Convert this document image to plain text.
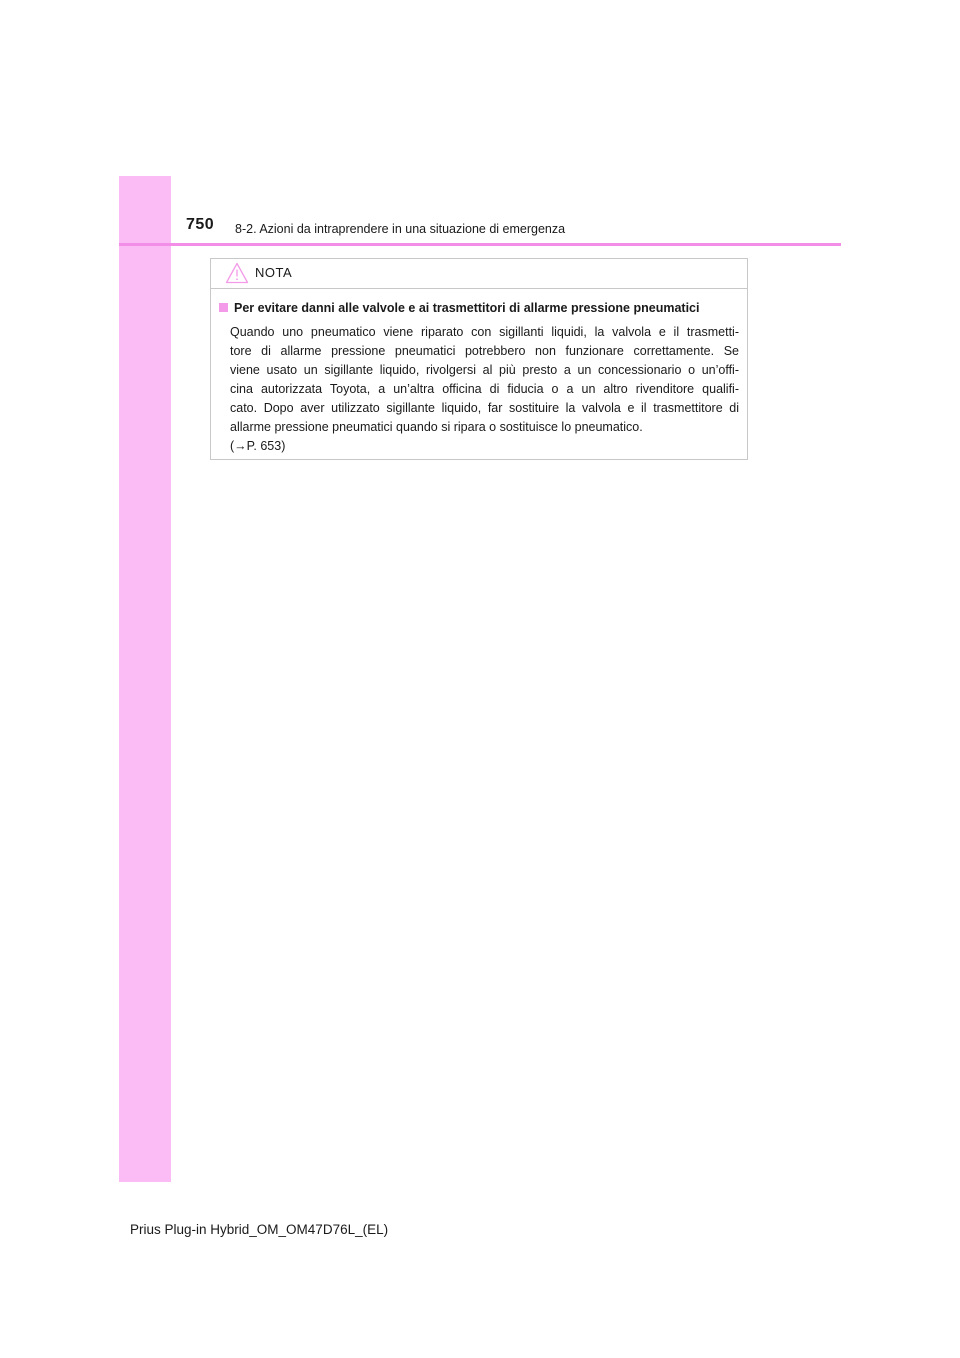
750 8-2. Azioni da intraprendere in una situazione di emergenza
NOTA
Per evitare danni alle valvole e ai trasmettitori di allarme pressione pneumatici
Quando uno pneumatico viene riparato con sigillanti liquidi, la valvola e il trasmetti-
tore di allarme pressione pneumatici potrebbero non funzionare correttamente. Se
viene usato un sigillante liquido, rivolgersi al più presto a un concessionario o un’offi-
cina autorizzata Toyota, a un’altra officina di fiducia o a un altro rivenditore qualifi-
cato. Dopo aver utilizzato sigillante liquido, far sostituire la valvola e il trasmettitore di
allarme pressione pneumatici quando si ripara o sostituisce lo pneumatico.
(→P. 653)
Prius Plug-in Hybrid_OM_OM47D76L_(EL)
